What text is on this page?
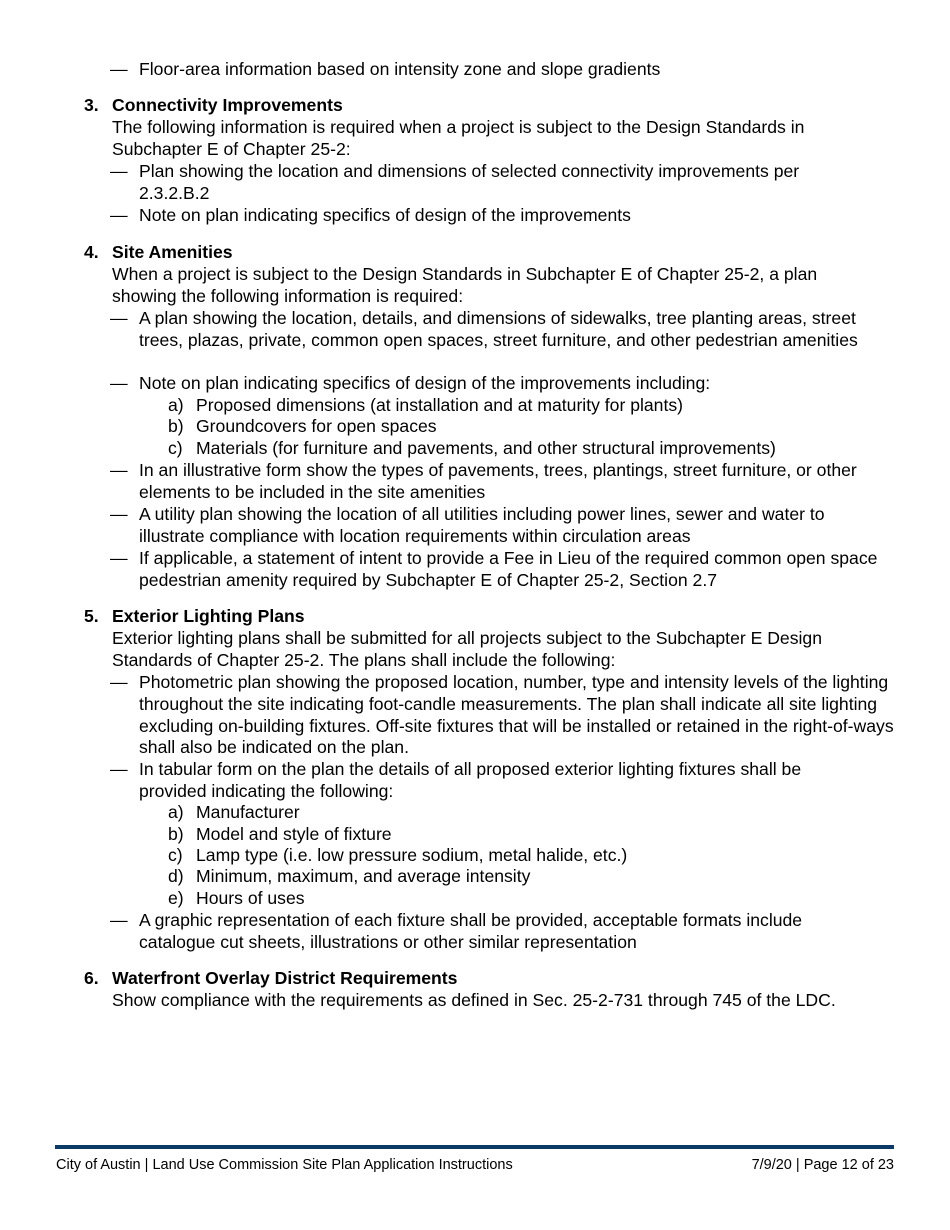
— Floor-area information based on intensity zone and slope gradients
3. Connectivity Improvements
The following information is required when a project is subject to the Design Standards in Subchapter E of Chapter 25-2:
— Plan showing the location and dimensions of selected connectivity improvements per 2.3.2.B.2
— Note on plan indicating specifics of design of the improvements
4. Site Amenities
When a project is subject to the Design Standards in Subchapter E of Chapter 25-2, a plan showing the following information is required:
— A plan showing the location, details, and dimensions of sidewalks, tree planting areas, street trees, plazas, private, common open spaces, street furniture, and other pedestrian amenities
— Note on plan indicating specifics of design of the improvements including:
a) Proposed dimensions (at installation and at maturity for plants)
b) Groundcovers for open spaces
c) Materials (for furniture and pavements, and other structural improvements)
— In an illustrative form show the types of pavements, trees, plantings, street furniture, or other elements to be included in the site amenities
— A utility plan showing the location of all utilities including power lines, sewer and water to illustrate compliance with location requirements within circulation areas
— If applicable, a statement of intent to provide a Fee in Lieu of the required common open space pedestrian amenity required by Subchapter E of Chapter 25-2, Section 2.7
5. Exterior Lighting Plans
Exterior lighting plans shall be submitted for all projects subject to the Subchapter E Design Standards of Chapter 25-2. The plans shall include the following:
— Photometric plan showing the proposed location, number, type and intensity levels of the lighting throughout the site indicating foot-candle measurements. The plan shall indicate all site lighting excluding on-building fixtures. Off-site fixtures that will be installed or retained in the right-of-ways shall also be indicated on the plan.
— In tabular form on the plan the details of all proposed exterior lighting fixtures shall be provided indicating the following:
a) Manufacturer
b) Model and style of fixture
c) Lamp type (i.e. low pressure sodium, metal halide, etc.)
d) Minimum, maximum, and average intensity
e) Hours of uses
— A graphic representation of each fixture shall be provided, acceptable formats include catalogue cut sheets, illustrations or other similar representation
6. Waterfront Overlay District Requirements
Show compliance with the requirements as defined in Sec. 25-2-731 through 745 of the LDC.
City of Austin | Land Use Commission Site Plan Application Instructions	7/9/20 | Page 12 of 23
